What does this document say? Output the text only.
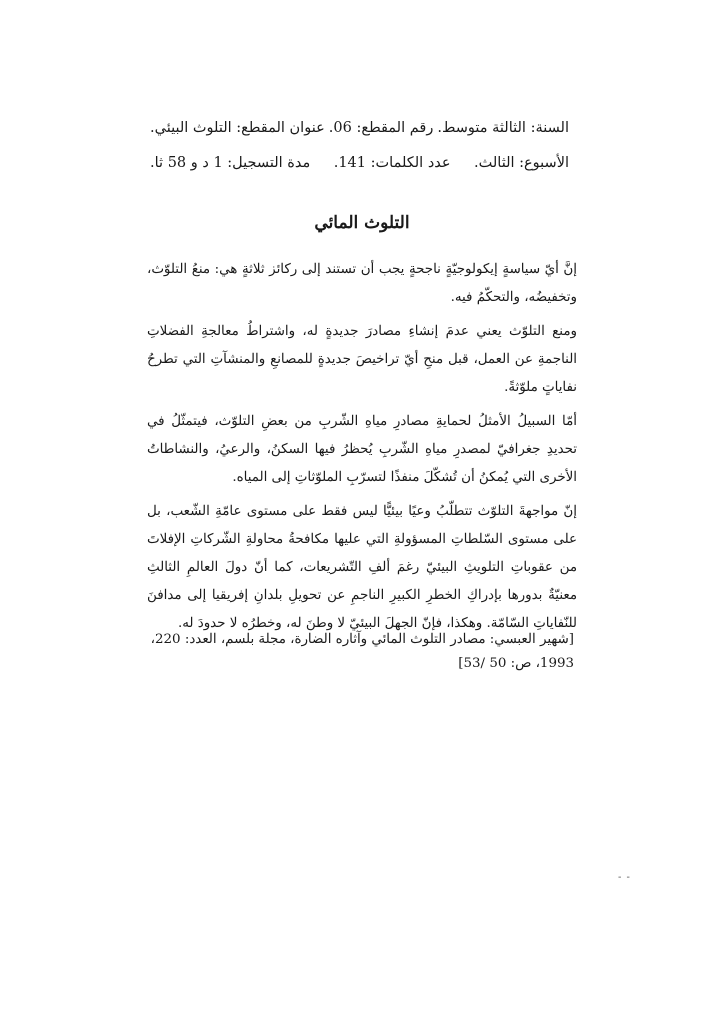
السنة: الثالثة متوسط.
رقم المقطع: 06.
عنوان المقطع: التلوث البيئي.
الأسبوع: الثالث.
عدد الكلمات: 141.
مدة التسجيل: 1 د و 58 ثا.
التلوث المائي

إنَّ أيّ سياسةٍ إيكولوجيّةٍ ناجحةٍ يجب أن تستند إلى ركائز ثلاثةٍ هي: منعُ التلوّث، وتخفيضُه، والتحكّمُ فيه.

ومنع التلوّث يعني عدمَ إنشاءِ مصادرَ جديدةٍ له، واشتراطُ معالجةِ الفضلاتِ الناجمةِ عن العمل، قبل منحِ أيّ تراخيصَ جديدةٍ للمصانعِ والمنشآتِ التي تطرحُ نفاياتٍ ملوّثةً.

أمّا السبيلُ الأمثلُ لحمايةِ مصادرِ مياهِ الشّربِ من بعضِ التلوّث، فيتمثّلُ في تحديدِ جغرافيّ لمصدرِ مياهِ الشّربِ يُحظرُ فيها السكنُ، والرعيُ، والنشاطاتُ الأخرى التي يُمكنُ أن تُشكّلَ منفذًا لتسرّبِ الملوّثاتِ إلى المياه.

إنّ مواجهةَ التلوّث تتطلّبُ وعيًا بيئيًّا ليس فقط على مستوى عامّةِ الشّعب، بل على مستوى السّلطاتِ المسؤولةِ التي عليها مكافحةُ محاولةِ الشّركاتِ الإفلاتَ من عقوباتِ التلويثِ البيئيّ رغمَ ألفِ التّشريعات، كما أنّ دولَ العالمِ الثالثِ معنيّةٌ بدورها بإدراكِ الخطرِ الكبيرِ الناجمِ عن تحويلِ بلدانِ إفريقيا إلى مدافنَ للنّفاياتِ السّامّة. وهكذا، فإنّ الجهلَ البيئيّ لا وطنَ له، وخطرُه لا حدودَ له.

[شهير العبسي: مصادر التلوث المائي وآثاره الضارة، مجلة بلسم، العدد: 220، 1993، ص: 50 /53]
- -
